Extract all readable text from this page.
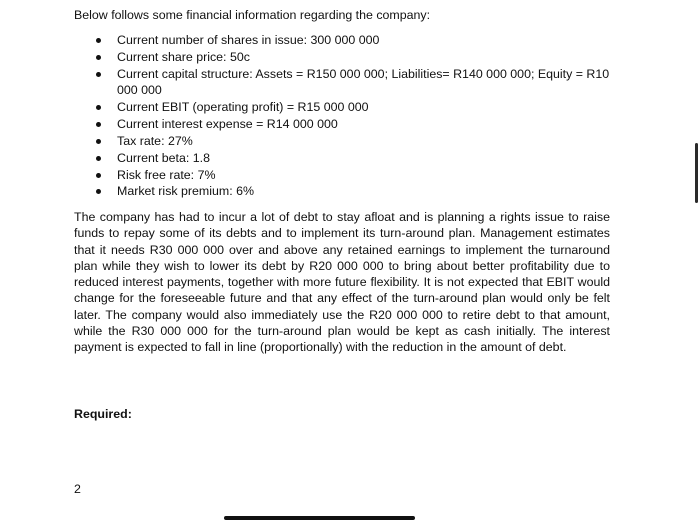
Below follows some financial information regarding the company:

Current number of shares in issue: 300 000 000
Current share price: 50c
Current capital structure: Assets = R150 000 000; Liabilities= R140 000 000; Equity = R10 000 000
Current EBIT (operating profit) = R15 000 000
Current interest expense = R14 000 000
Tax rate: 27%
Current beta: 1.8
Risk free rate: 7%
Market risk premium: 6%

The company has had to incur a lot of debt to stay afloat and is planning a rights issue to raise funds to repay some of its debts and to implement its turn-around plan. Management estimates that it needs R30 000 000 over and above any retained earnings to implement the turnaround plan while they wish to lower its debt by R20 000 000 to bring about better profitability due to reduced interest payments, together with more future flexibility. It is not expected that EBIT would change for the foreseeable future and that any effect of the turn-around plan would only be felt later. The company would also immediately use the R20 000 000 to retire debt to that amount, while the R30 000 000 for the turn-around plan would be kept as cash initially. The interest payment is expected to fall in line (proportionally) with the reduction in the amount of debt.

Required:

2
